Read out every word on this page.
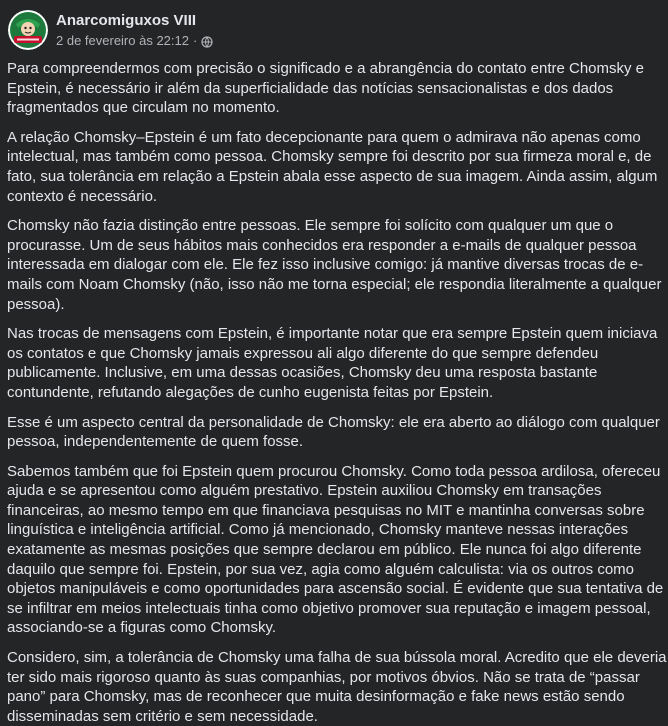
Anarcomiguxos VIII
2 de fevereiro às 22:12 ·

Para compreendermos com precisão o significado e a abrangência do contato entre Chomsky e Epstein, é necessário ir além da superficialidade das notícias sensacionalistas e dos dados fragmentados que circulam no momento.

A relação Chomsky–Epstein é um fato decepcionante para quem o admirava não apenas como intelectual, mas também como pessoa. Chomsky sempre foi descrito por sua firmeza moral e, de fato, sua tolerância em relação a Epstein abala esse aspecto de sua imagem. Ainda assim, algum contexto é necessário.

Chomsky não fazia distinção entre pessoas. Ele sempre foi solícito com qualquer um que o procurasse. Um de seus hábitos mais conhecidos era responder a e-mails de qualquer pessoa interessada em dialogar com ele. Ele fez isso inclusive comigo: já mantive diversas trocas de e-mails com Noam Chomsky (não, isso não me torna especial; ele respondia literalmente a qualquer pessoa).

Nas trocas de mensagens com Epstein, é importante notar que era sempre Epstein quem iniciava os contatos e que Chomsky jamais expressou ali algo diferente do que sempre defendeu publicamente. Inclusive, em uma dessas ocasiões, Chomsky deu uma resposta bastante contundente, refutando alegações de cunho eugenista feitas por Epstein.

Esse é um aspecto central da personalidade de Chomsky: ele era aberto ao diálogo com qualquer pessoa, independentemente de quem fosse.

Sabemos também que foi Epstein quem procurou Chomsky. Como toda pessoa ardilosa, ofereceu ajuda e se apresentou como alguém prestativo. Epstein auxiliou Chomsky em transações financeiras, ao mesmo tempo em que financiava pesquisas no MIT e mantinha conversas sobre linguística e inteligência artificial. Como já mencionado, Chomsky manteve nessas interações exatamente as mesmas posições que sempre declarou em público. Ele nunca foi algo diferente daquilo que sempre foi. Epstein, por sua vez, agia como alguém calculista: via os outros como objetos manipuláveis e como oportunidades para ascensão social. É evidente que sua tentativa de se infiltrar em meios intelectuais tinha como objetivo promover sua reputação e imagem pessoal, associando-se a figuras como Chomsky.

Considero, sim, a tolerância de Chomsky uma falha de sua bússola moral. Acredito que ele deveria ter sido mais rigoroso quanto às suas companhias, por motivos óbvios. Não se trata de “passar pano” para Chomsky, mas de reconhecer que muita desinformação e fake news estão sendo disseminadas sem critério e sem necessidade.
